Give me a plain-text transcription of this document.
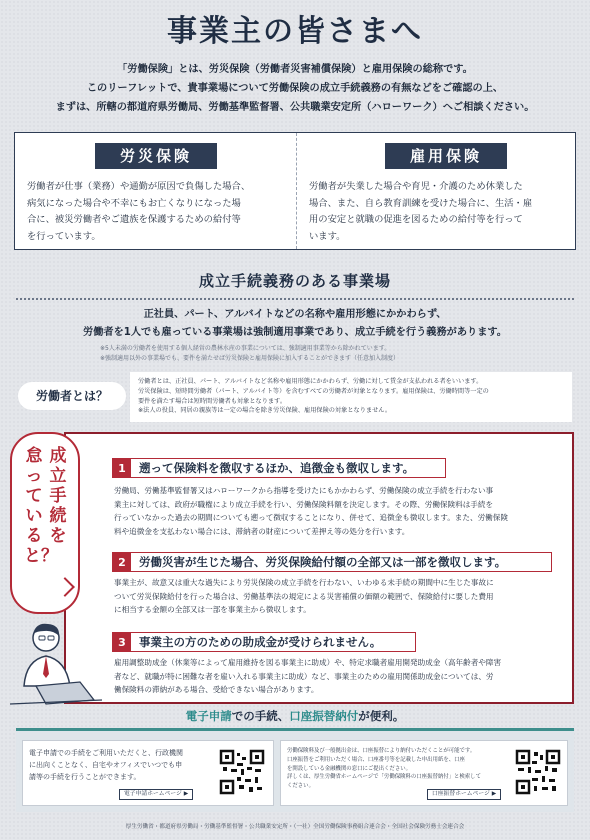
事業主の皆さまへ
「労働保険」とは、労災保険（労働者災害補償保険）と雇用保険の総称です。
このリーフレットで、貴事業場について労働保険の成立手続義務の有無などをご確認の上、
まずは、所轄の都道府県労働局、労働基準監督署、公共職業安定所（ハローワーク）へご相談ください。
労災保険
労働者が仕事（業務）や通勤が原因で負傷した場合、
病気になった場合や不幸にもお亡くなりになった場
合に、被災労働者やご遺族を保護するための給付等
を行っています。
雇用保険
労働者が失業した場合や育児・介護のため休業した
場合、また、自ら教育訓練を受けた場合に、生活・雇
用の安定と就職の促進を図るための給付等を行って
います。
成立手続義務のある事業場
正社員、パート、アルバイトなどの名称や雇用形態にかかわらず、
労働者を1人でも雇っている事業場は強制適用事業であり、成立手続を行う義務があります。
※5人未満の労働者を使用する個人経営の農林水産の事業については、強制適用事業等から除かれています。
※強制適用以外の事業場でも、要件を満たせば労災保険と雇用保険に加入することができます（任意加入制度）
労働者とは？
労働者とは、正社員、パート、アルバイトなど名称や雇用形態にかかわらず、労働に対して賃金が支払われる者をいいます。
労災保険は、短時間労働者（パート、アルバイト等）を含むすべての労働者が対象となります。雇用保険は、労働時間等一定の
要件を満たす場合は短時間労働者も対象となります。
※法人の役員、同居の親族等は一定の場合を除き労災保険、雇用保険の対象となりません。
成立手続を
怠っていると？
1	遡って保険料を徴収するほか、追徴金も徴収します。
労働局、労働基準監督署又はハローワークから指導を受けたにもかかわらず、労働保険の成立手続を行わない事
業主に対しては、政府が職権により成立手続を行い、労働保険料額を決定します。その際、労働保険料は手続を
行っていなかった過去の期間についても遡って徴収することになり、併せて、追徴金も徴収します。また、労働保険
料や追徴金を支払わない場合には、滞納者の財産について差押え等の処分を行います。
2	労働災害が生じた場合、労災保険給付額の全部又は一部を徴収します。
事業主が、故意又は重大な過失により労災保険の成立手続を行わない、いわゆる未手続の期間中に生じた事故に
ついて労災保険給付を行った場合は、労働基準法の規定による災害補償の価額の範囲で、保険給付に要した費用
に相当する金額の全部又は一部を事業主から徴収します。
3	事業主の方のための助成金が受けられません。
雇用調整助成金（休業等によって雇用維持を図る事業主に助成）や、特定求職者雇用開発助成金（高年齢者や障害
者など、就職が特に困難な者を雇い入れる事業主に助成）など、事業主のための雇用関係助成金については、労
働保険料の滞納がある場合、受給できない場合があります。
電子申請での手続、口座振替納付が便利。
電子申請での手続をご利用いただくと、行政機関
に出向くことなく、自宅やオフィスでいつでも申
請等の手続を行うことができます。
電子申請ホームページ ▶
労働保険料及び一般拠出金は、口座振替により納付いただくことが可能です。
口座振替をご利用いただく場合、口座番号等を記載した申出用紙を、口座
を開設している金融機関の窓口にご提出ください。
詳しくは、厚生労働省ホームページで「労働保険料の口座振替納付」と検索して
ください。
口座振替ホームページ ▶
厚生労働省・都道府県労働局・労働基準監督署・公共職業安定所・（一社）全国労働保険事務組合連合会・全国社会保険労務士会連合会
